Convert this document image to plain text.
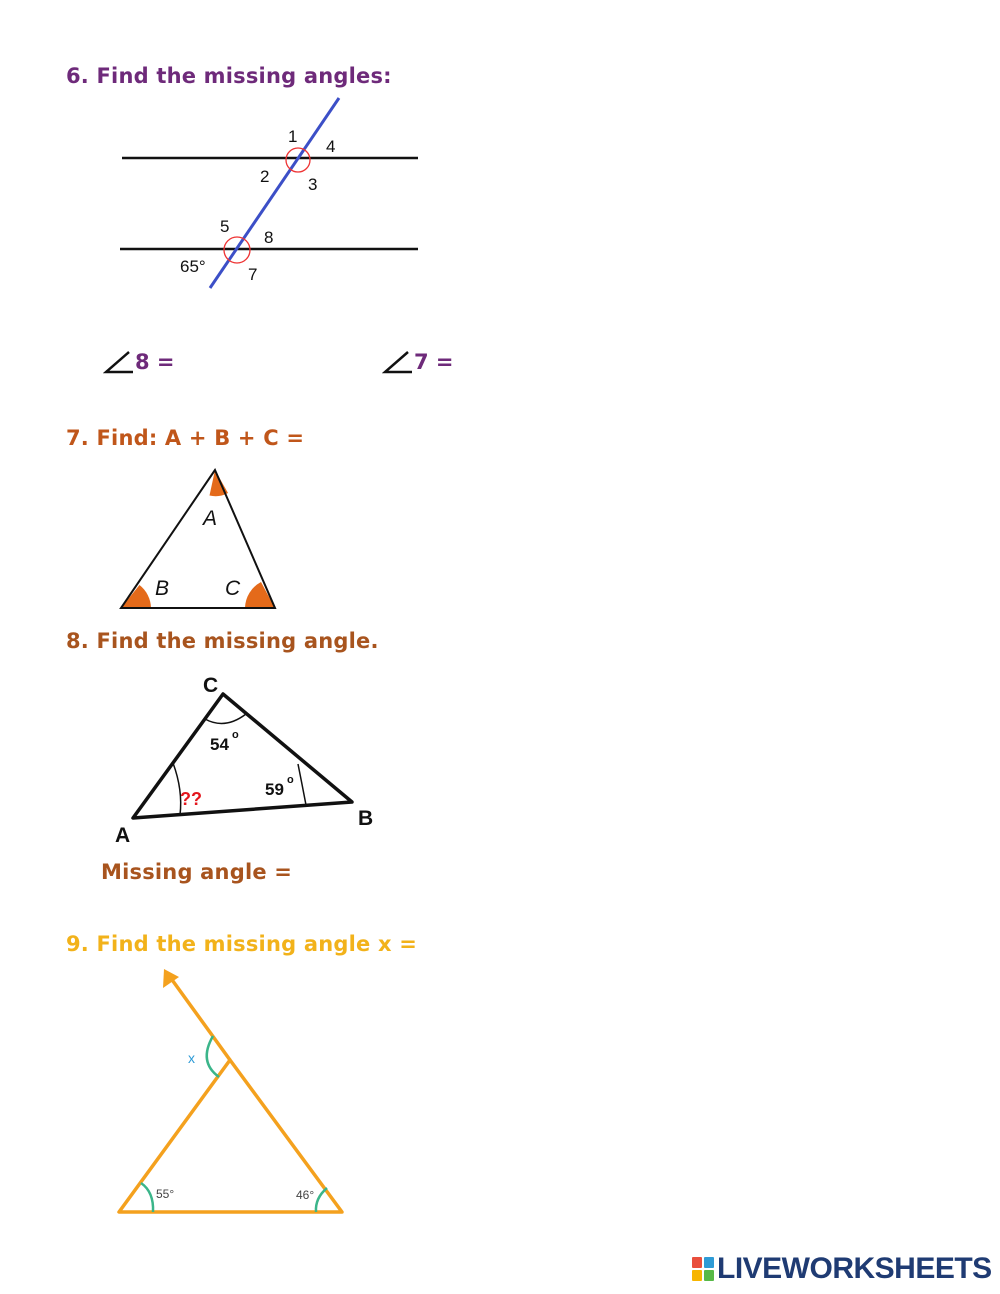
6. Find the missing angles:

1
4
2 3
5
8
65° 7
8 =	7 =

7. Find: A + B + C =

A
B	C

8. Find the missing angle.

C
A
B
54 o
59 o
??

Missing angle =

9. Find the missing angle x =

x
55°	46°
LIVEWORKSHEETS
